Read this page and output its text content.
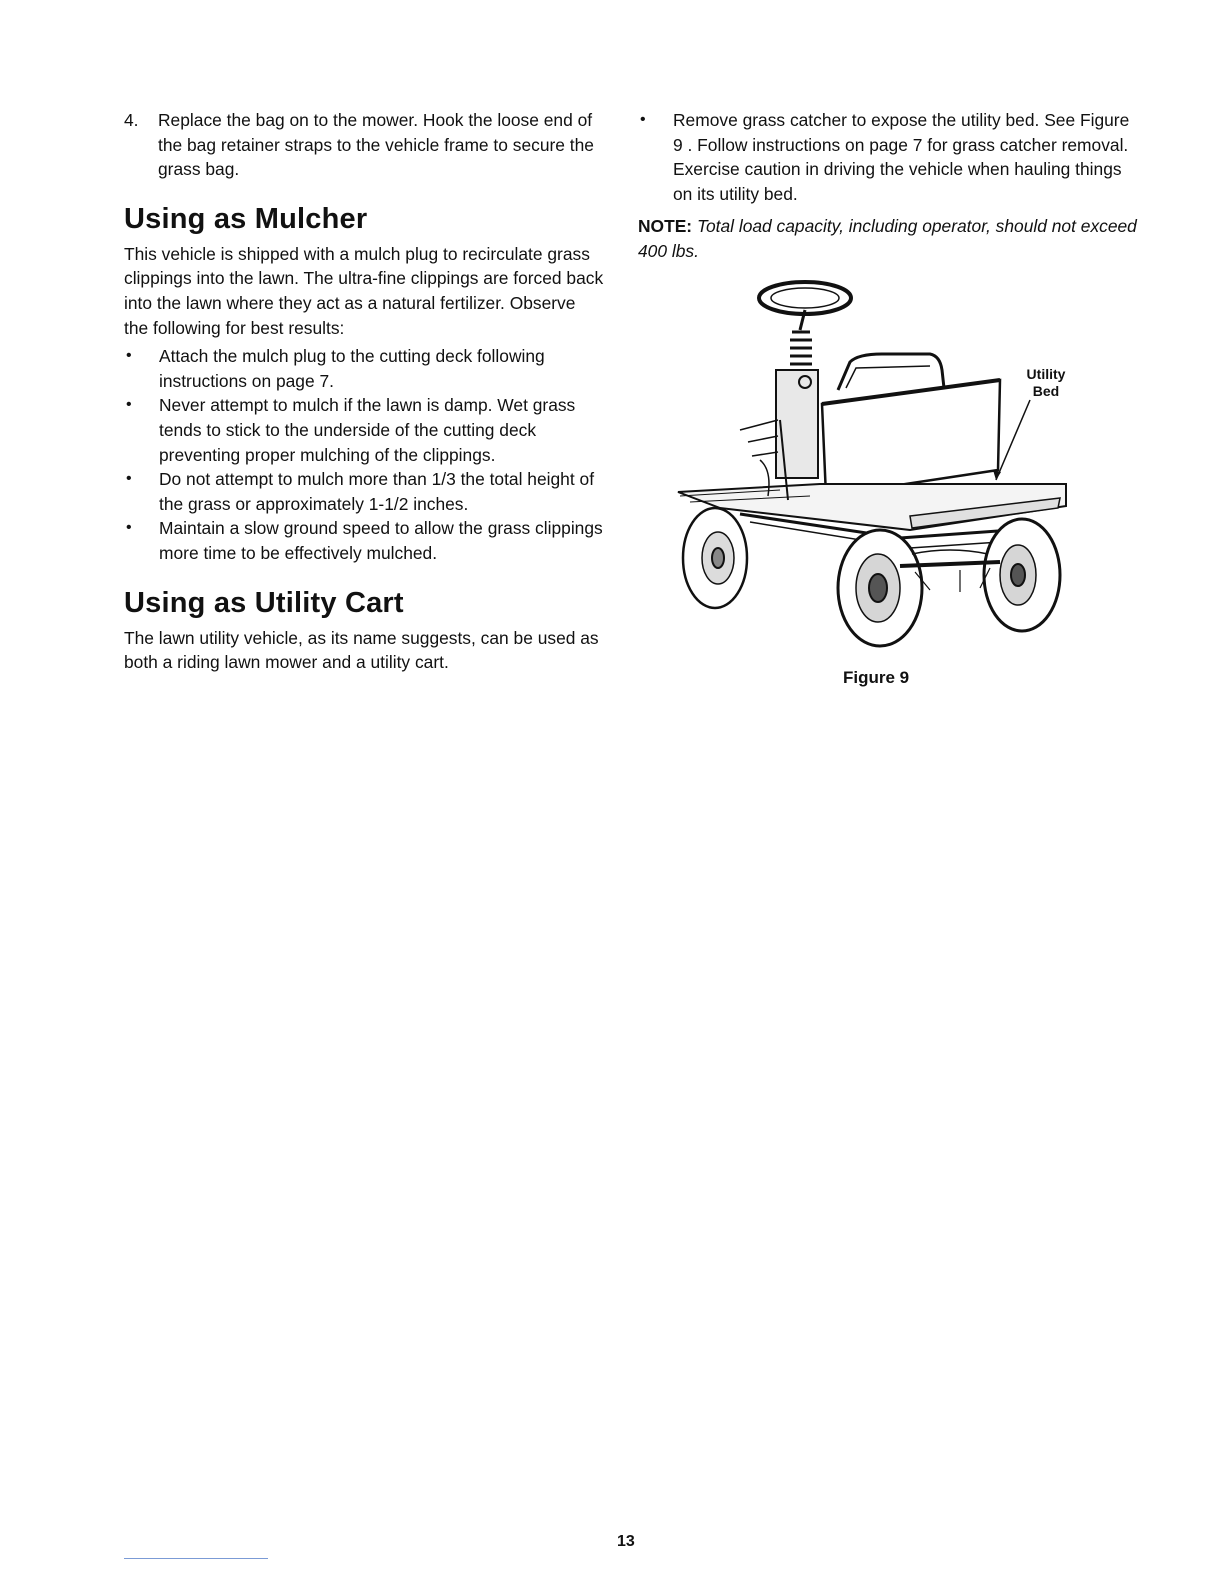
4. Replace the bag on to the mower. Hook the loose end of the bag retainer straps to the vehicle frame to secure the grass bag.

Using as Mulcher

This vehicle is shipped with a mulch plug to recirculate grass clippings into the lawn. The ultra-fine clippings are forced back into the lawn where they act as a natural fertilizer. Observe the following for best results:

• Attach the mulch plug to the cutting deck following instructions on page 7.
• Never attempt to mulch if the lawn is damp. Wet grass tends to stick to the underside of the cutting deck preventing proper mulching of the clippings.
• Do not attempt to mulch more than 1/3 the total height of the grass or approximately 1-1/2 inches.
• Maintain a slow ground speed to allow the grass clippings more time to be effectively mulched.
Using as Utility Cart

The lawn utility vehicle, as its name suggests, can be used as both a riding lawn mower and a utility cart.

• Remove grass catcher to expose the utility bed. See Figure 9 . Follow instructions on page 7 for grass catcher removal. Exercise caution in driving the vehicle when hauling things on its utility bed.

NOTE: Total load capacity, including operator, should not exceed 400 lbs.

Utility
Bed
Figure 9
13
